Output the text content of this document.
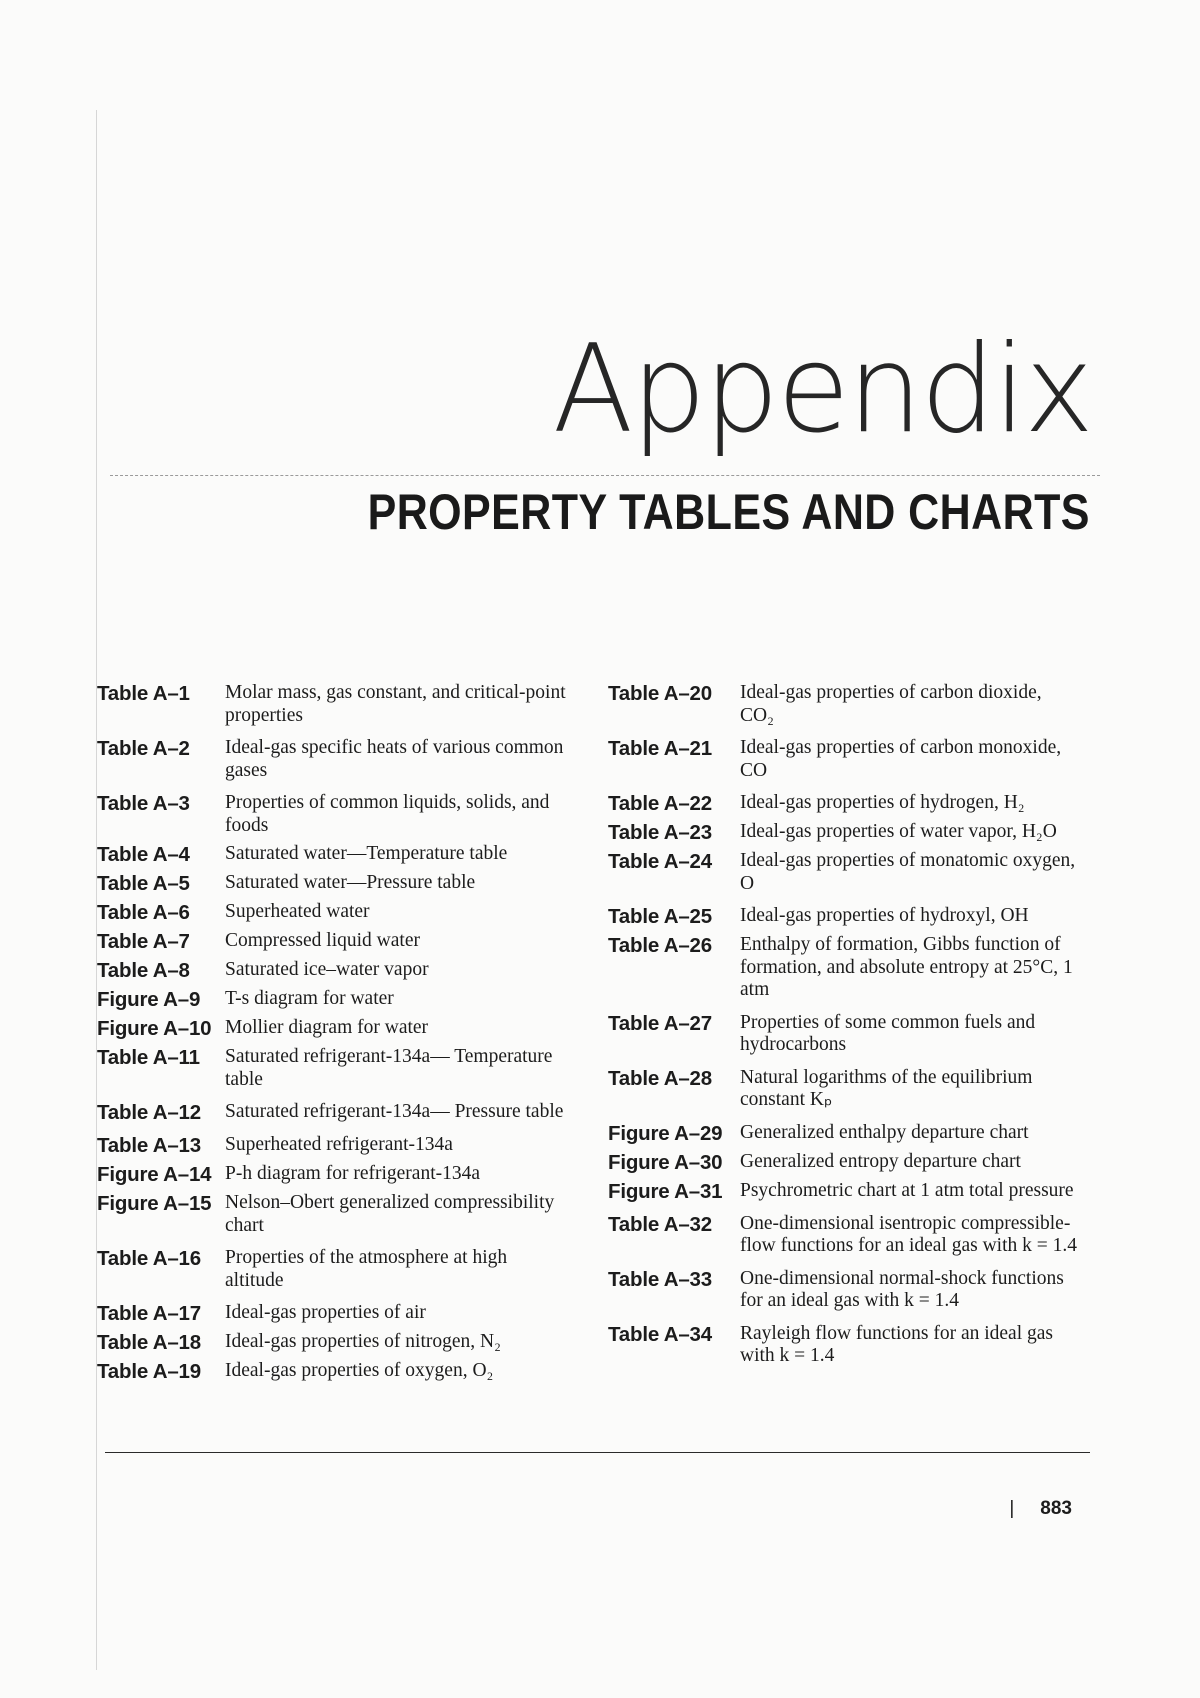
Appendix
PROPERTY TABLES AND CHARTS
Table A–1	Molar mass, gas constant, and critical-point properties
Table A–2	Ideal-gas specific heats of various common gases
Table A–3	Properties of common liquids, solids, and foods
Table A–4	Saturated water—Temperature table
Table A–5	Saturated water—Pressure table
Table A–6	Superheated water
Table A–7	Compressed liquid water
Table A–8	Saturated ice–water vapor
Figure A–9	T-s diagram for water
Figure A–10 Mollier diagram for water
Table A–11	Saturated refrigerant-134a— Temperature table
Table A–12	Saturated refrigerant-134a— Pressure table
Table A–13	Superheated refrigerant-134a
Figure A–14 P-h diagram for refrigerant-134a
Figure A–15 Nelson–Obert generalized compressibility chart
Table A–16	Properties of the atmosphere at high altitude
Table A–17	Ideal-gas properties of air
Table A–18	Ideal-gas properties of nitrogen, N₂
Table A–19	Ideal-gas properties of oxygen, O₂
Table A–20	Ideal-gas properties of carbon dioxide, CO₂
Table A–21	Ideal-gas properties of carbon monoxide, CO
Table A–22	Ideal-gas properties of hydrogen, H₂
Table A–23	Ideal-gas properties of water vapor, H₂O
Table A–24	Ideal-gas properties of monatomic oxygen, O
Table A–25	Ideal-gas properties of hydroxyl, OH
Table A–26	Enthalpy of formation, Gibbs function of formation, and absolute entropy at 25°C, 1 atm
Table A–27	Properties of some common fuels and hydrocarbons
Table A–28	Natural logarithms of the equilibrium constant Kₚ
Figure A–29 Generalized enthalpy departure chart
Figure A–30 Generalized entropy departure chart
Figure A–31 Psychrometric chart at 1 atm total pressure
Table A–32	One-dimensional isentropic compressible-flow functions for an ideal gas with k = 1.4
Table A–33	One-dimensional normal-shock functions for an ideal gas with k = 1.4
Table A–34	Rayleigh flow functions for an ideal gas with k = 1.4
| 883
